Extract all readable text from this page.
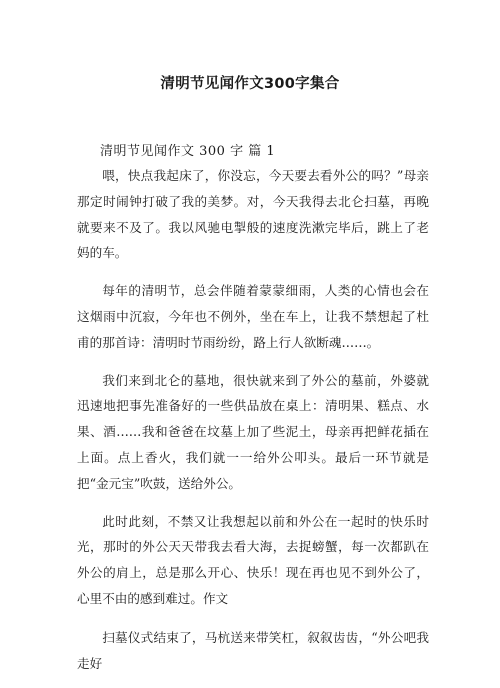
清明节见闻作文300字集合
清明节见闻作文 300 字 篇 1

喂，快点我起床了，你没忘，今天要去看外公的吗？”母亲那定时闹钟打破了我的美梦。对，今天我得去北仑扫墓，再晚就要来不及了。我以风驰电掣般的速度洗漱完毕后，跳上了老妈的车。

每年的清明节，总会伴随着蒙蒙细雨，人类的心情也会在这烟雨中沉寂，今年也不例外，坐在车上，让我不禁想起了杜甫的那首诗：清明时节雨纷纷，路上行人欲断魂……。

我们来到北仑的墓地，很快就来到了外公的墓前，外婆就迅速地把事先准备好的一些供品放在桌上：清明果、糕点、水果、酒……我和爸爸在坟墓上加了些泥土，母亲再把鲜花插在上面。点上香火，我们就一一给外公叩头。最后一环节就是把“金元宝”吹鼓，送给外公。

此时此刻，不禁又让我想起以前和外公在一起时的快乐时光，那时的外公天天带我去看大海，去捉螃蟹，每一次都趴在外公的肩上，总是那么开心、快乐！现在再也见不到外公了，心里不由的感到难过。作文

扫墓仪式结束了，马杭送来带笑杠，叙叙齿齿，“外公吧我走好
